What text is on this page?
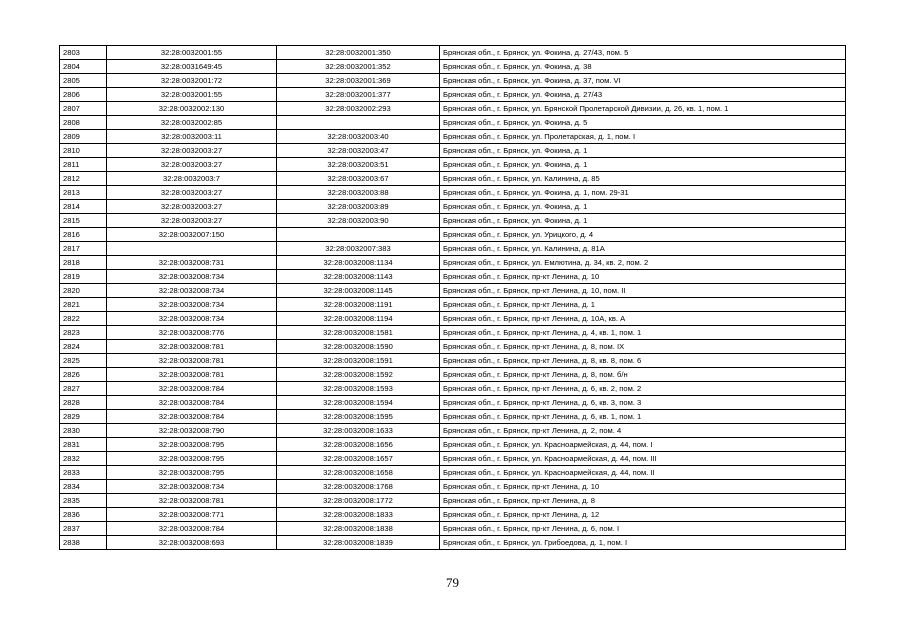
2803	32:28:0032001:55	32:28:0032001:350	Брянская обл., г. Брянск, ул. Фокина, д. 27/43, пом. 5
2804	32:28:0031649:45	32:28:0032001:352	Брянская обл., г. Брянск, ул. Фокина, д. 38
2805	32:28:0032001:72	32:28:0032001:369	Брянская обл., г. Брянск, ул. Фокина, д. 37, пом. VI
2806	32:28:0032001:55	32:28:0032001:377	Брянская обл., г. Брянск, ул. Фокина, д. 27/43
2807	32:28:0032002:130	32:28:0032002:293	Брянская обл., г. Брянск, ул. Брянской Пролетарской Дивизии, д. 26, кв. 1, пом. 1
2808	32:28:0032002:85		Брянская обл., г. Брянск, ул. Фокина, д. 5
2809	32:28:0032003:11	32:28:0032003:40	Брянская обл., г. Брянск, ул. Пролетарская, д. 1, пом. I
2810	32:28:0032003:27	32:28:0032003:47	Брянская обл., г. Брянск, ул. Фокина, д. 1
2811	32:28:0032003:27	32:28:0032003:51	Брянская обл., г. Брянск, ул. Фокина, д. 1
2812	32:28:0032003:7	32:28:0032003:67	Брянская обл., г. Брянск, ул. Калинина, д. 85
2813	32:28:0032003:27	32:28:0032003:88	Брянская обл., г. Брянск, ул. Фокина, д. 1, пом. 29-31
2814	32:28:0032003:27	32:28:0032003:89	Брянская обл., г. Брянск, ул. Фокина, д. 1
2815	32:28:0032003:27	32:28:0032003:90	Брянская обл., г. Брянск, ул. Фокина, д. 1
2816	32:28:0032007:150		Брянская обл., г. Брянск, ул. Урицкого, д. 4
2817		32:28:0032007:383	Брянская обл., г. Брянск, ул. Калинина, д. 81А
2818	32:28:0032008:731	32:28:0032008:1134	Брянская обл., г. Брянск, ул. Емлютина, д. 34, кв. 2, пом. 2
2819	32:28:0032008:734	32:28:0032008:1143	Брянская обл., г. Брянск, пр-кт Ленина, д. 10
2820	32:28:0032008:734	32:28:0032008:1145	Брянская обл., г. Брянск, пр-кт Ленина, д. 10, пом. II
2821	32:28:0032008:734	32:28:0032008:1191	Брянская обл., г. Брянск, пр-кт Ленина, д. 1
2822	32:28:0032008:734	32:28:0032008:1194	Брянская обл., г. Брянск, пр-кт Ленина, д. 10А, кв. А
2823	32:28:0032008:776	32:28:0032008:1581	Брянская обл., г. Брянск, пр-кт Ленина, д. 4, кв. 1, пом. 1
2824	32:28:0032008:781	32:28:0032008:1590	Брянская обл., г. Брянск, пр-кт Ленина, д. 8, пом. IX
2825	32:28:0032008:781	32:28:0032008:1591	Брянская обл., г. Брянск, пр-кт Ленина, д. 8, кв. 8, пом. 6
2826	32:28:0032008:781	32:28:0032008:1592	Брянская обл., г. Брянск, пр-кт Ленина, д. 8, пом. б/н
2827	32:28:0032008:784	32:28:0032008:1593	Брянская обл., г. Брянск, пр-кт Ленина, д. 6, кв. 2, пом. 2
2828	32:28:0032008:784	32:28:0032008:1594	Брянская обл., г. Брянск, пр-кт Ленина, д. 6, кв. 3, пом. 3
2829	32:28:0032008:784	32:28:0032008:1595	Брянская обл., г. Брянск, пр-кт Ленина, д. 6, кв. 1, пом. 1
2830	32:28:0032008:790	32:28:0032008:1633	Брянская обл., г. Брянск, пр-кт Ленина, д. 2, пом. 4
2831	32:28:0032008:795	32:28:0032008:1656	Брянская обл., г. Брянск, ул. Красноармейская, д. 44, пом. I
2832	32:28:0032008:795	32:28:0032008:1657	Брянская обл., г. Брянск, ул. Красноармейская, д. 44, пом. III
2833	32:28:0032008:795	32:28:0032008:1658	Брянская обл., г. Брянск, ул. Красноармейская, д. 44, пом. II
2834	32:28:0032008:734	32:28:0032008:1768	Брянская обл., г. Брянск, пр-кт Ленина, д. 10
2835	32:28:0032008:781	32:28:0032008:1772	Брянская обл., г. Брянск, пр-кт Ленина, д. 8
2836	32:28:0032008:771	32:28:0032008:1833	Брянская обл., г. Брянск, пр-кт Ленина, д. 12
2837	32:28:0032008:784	32:28:0032008:1838	Брянская обл., г. Брянск, пр-кт Ленина, д. 6, пом. I
2838	32:28:0032008:693	32:28:0032008:1839	Брянская обл., г. Брянск, ул. Грибоедова, д. 1, пом. I
79
